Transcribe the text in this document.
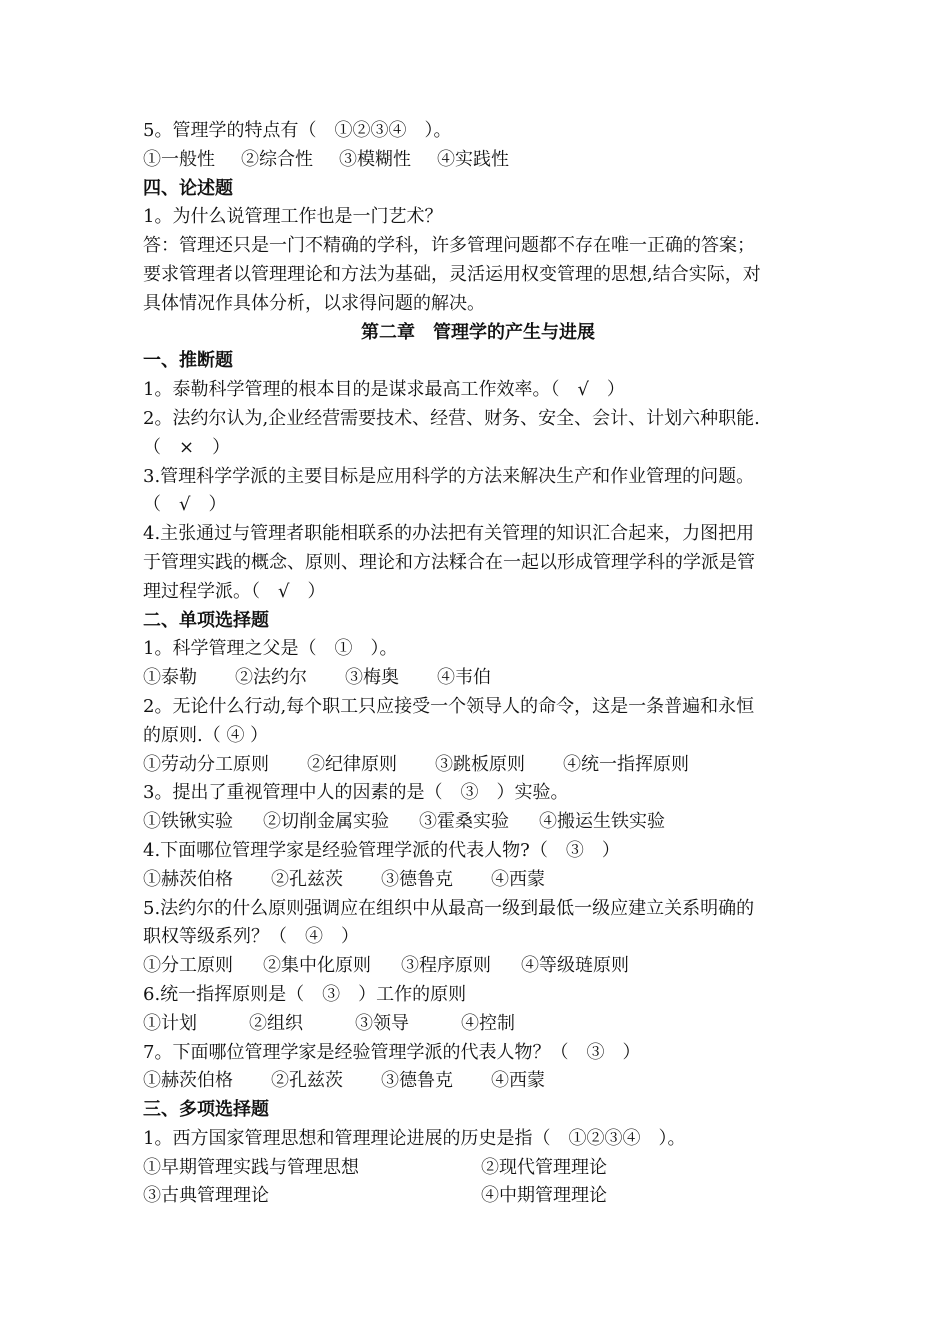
5。管理学的特点有（　①②③④　）。
①一般性 ②综合性 ③模糊性 ④实践性
四、论述题
1。为什么说管理工作也是一门艺术？
答：管理还只是一门不精确的学科，许多管理问题都不存在唯一正确的答案；
要求管理者以管理理论和方法为基础，灵活运用权变管理的思想,结合实际，对
具体情况作具体分析，以求得问题的解决。
第二章　管理学的产生与进展
一、推断题
1。泰勒科学管理的根本目的是谋求最高工作效率。（　√　）
2。法约尔认为,企业经营需要技术、经营、财务、安全、会计、计划六种职能.
（　×　）
3.管理科学学派的主要目标是应用科学的方法来解决生产和作业管理的问题。
（　√　）
4.主张通过与管理者职能相联系的办法把有关管理的知识汇合起来，力图把用
于管理实践的概念、原则、理论和方法糅合在一起以形成管理学科的学派是管
理过程学派。（　√　）
二、单项选择题
1。科学管理之父是（　①　）。
①泰勒 ②法约尔 ③梅奥 ④韦伯
2。无论什么行动,每个职工只应接受一个领导人的命令，这是一条普遍和永恒
的原则.（ ④ ）
①劳动分工原则 ②纪律原则 ③跳板原则 ④统一指挥原则
3。提出了重视管理中人的因素的是（　③　）实验。
①铁锹实验 ②切削金属实验 ③霍桑实验 ④搬运生铁实验
4.下面哪位管理学家是经验管理学派的代表人物?（　③　）
①赫茨伯格 ②孔兹茨 ③德鲁克 ④西蒙
5.法约尔的什么原则强调应在组织中从最高一级到最低一级应建立关系明确的
职权等级系列？（　④　）
①分工原则 ②集中化原则 ③程序原则 ④等级琏原则
6.统一指挥原则是（　③　）工作的原则
①计划	②组织	③领导	④控制
7。下面哪位管理学家是经验管理学派的代表人物？（　③　）
①赫茨伯格 ②孔兹茨 ③德鲁克 ④西蒙
三、多项选择题
1。西方国家管理思想和管理理论进展的历史是指（　①②③④　）。
①早期管理实践与管理思想	②现代管理理论
③古典管理理论	④中期管理理论
